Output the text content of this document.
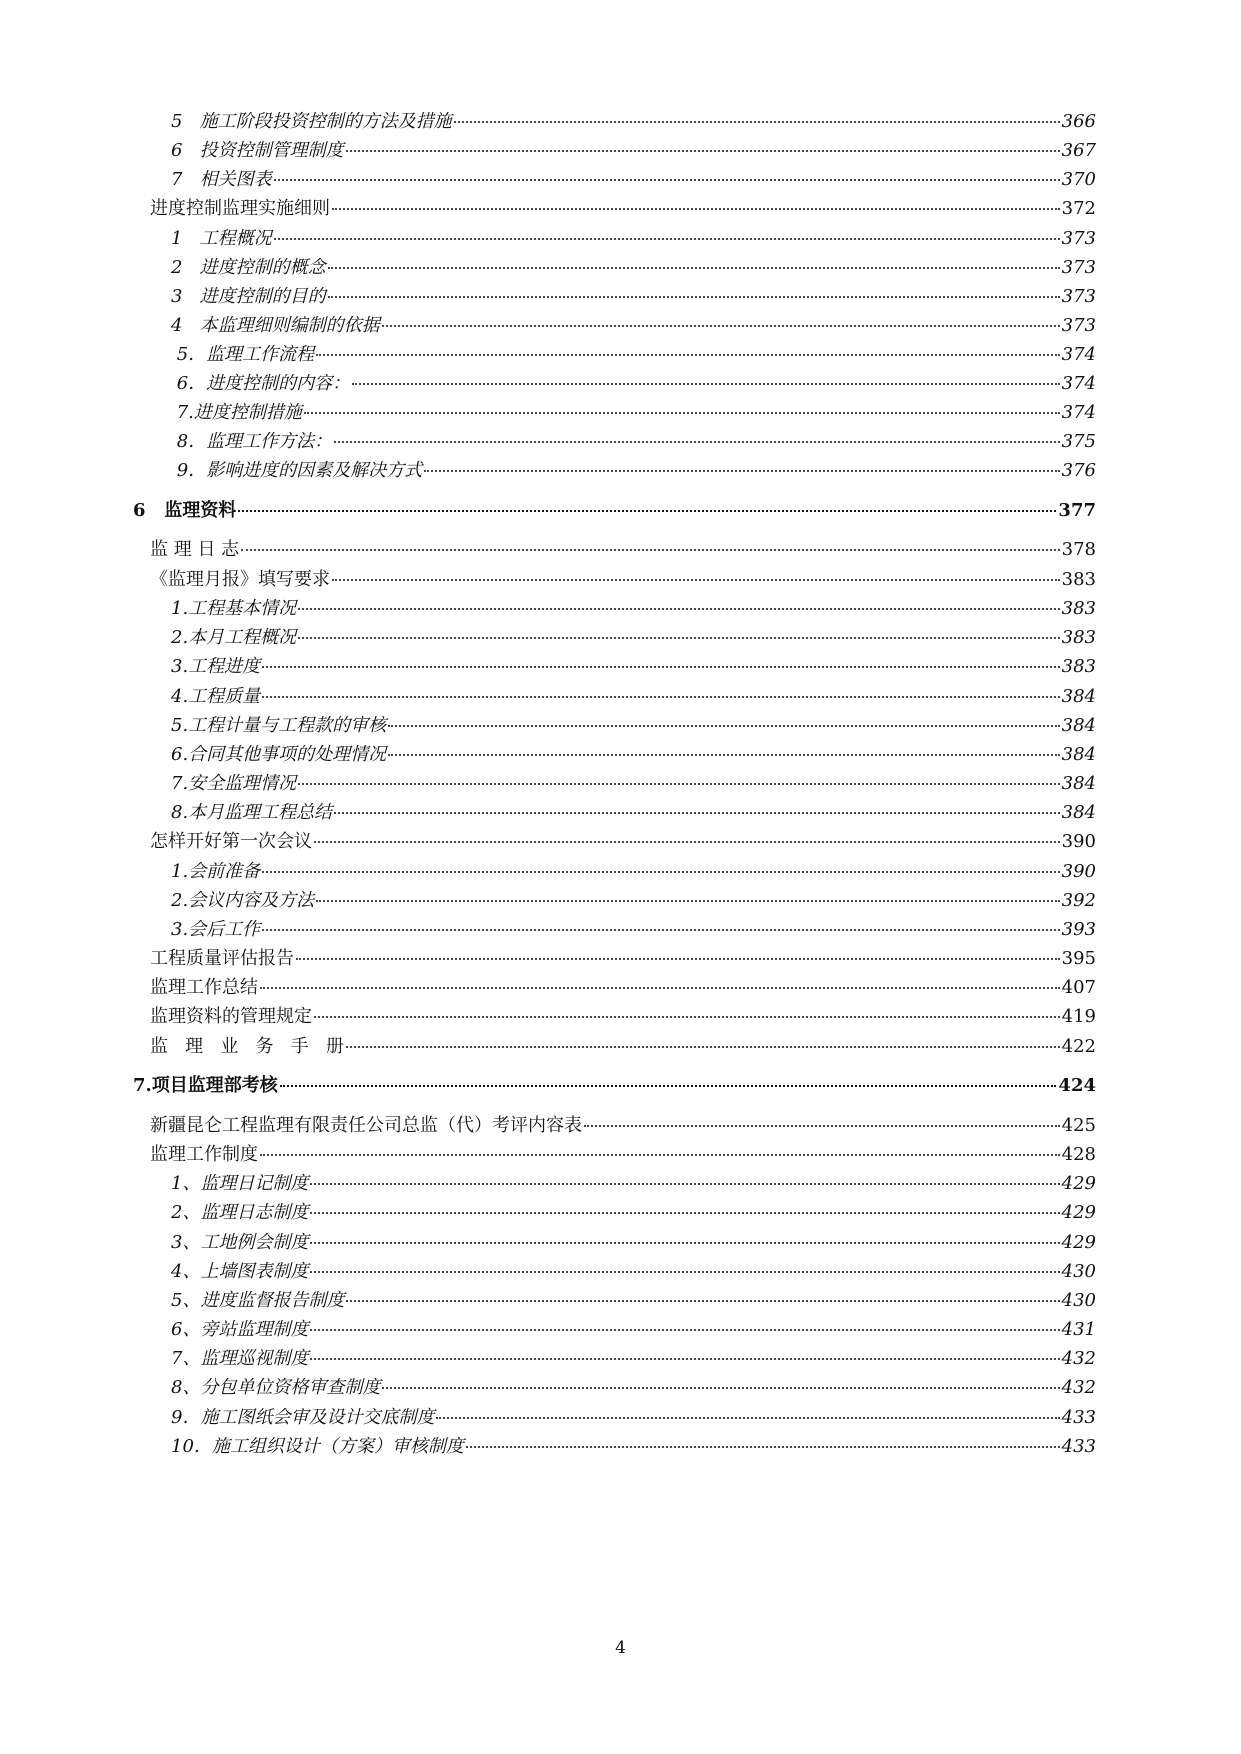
5   施工阶段投资控制的方法及措施	366
6   投资控制管理制度	367
7   相关图表	370
进度控制监理实施细则	372
1   工程概况	373
2   进度控制的概念	373
3   进度控制的目的	373
4   本监理细则编制的依据	373
5．监理工作流程	374
6．进度控制的内容：	374
7.进度控制措施	374
8．监理工作方法：	375
9．影响进度的因素及解决方式	376
6   监理资料	377
监 理 日 志	378
《监理月报》填写要求	383
1.工程基本情况	383
2.本月工程概况	383
3.工程进度	383
4.工程质量	384
5.工程计量与工程款的审核	384
6.合同其他事项的处理情况	384
7.安全监理情况	384
8.本月监理工程总结	384
怎样开好第一次会议	390
1.会前准备	390
2.会议内容及方法	392
3.会后工作	393
工程质量评估报告	395
监理工作总结	407
监理资料的管理规定	419
监   理   业   务   手   册	422
7.项目监理部考核	424
新疆昆仑工程监理有限责任公司总监（代）考评内容表	425
监理工作制度	428
1、监理日记制度	429
2、监理日志制度	429
3、工地例会制度	429
4、上墙图表制度	430
5、进度监督报告制度	430
6、旁站监理制度	431
7、监理巡视制度	432
8、分包单位资格审查制度	432
9．施工图纸会审及设计交底制度	433
10．施工组织设计（方案）审核制度	433
4
